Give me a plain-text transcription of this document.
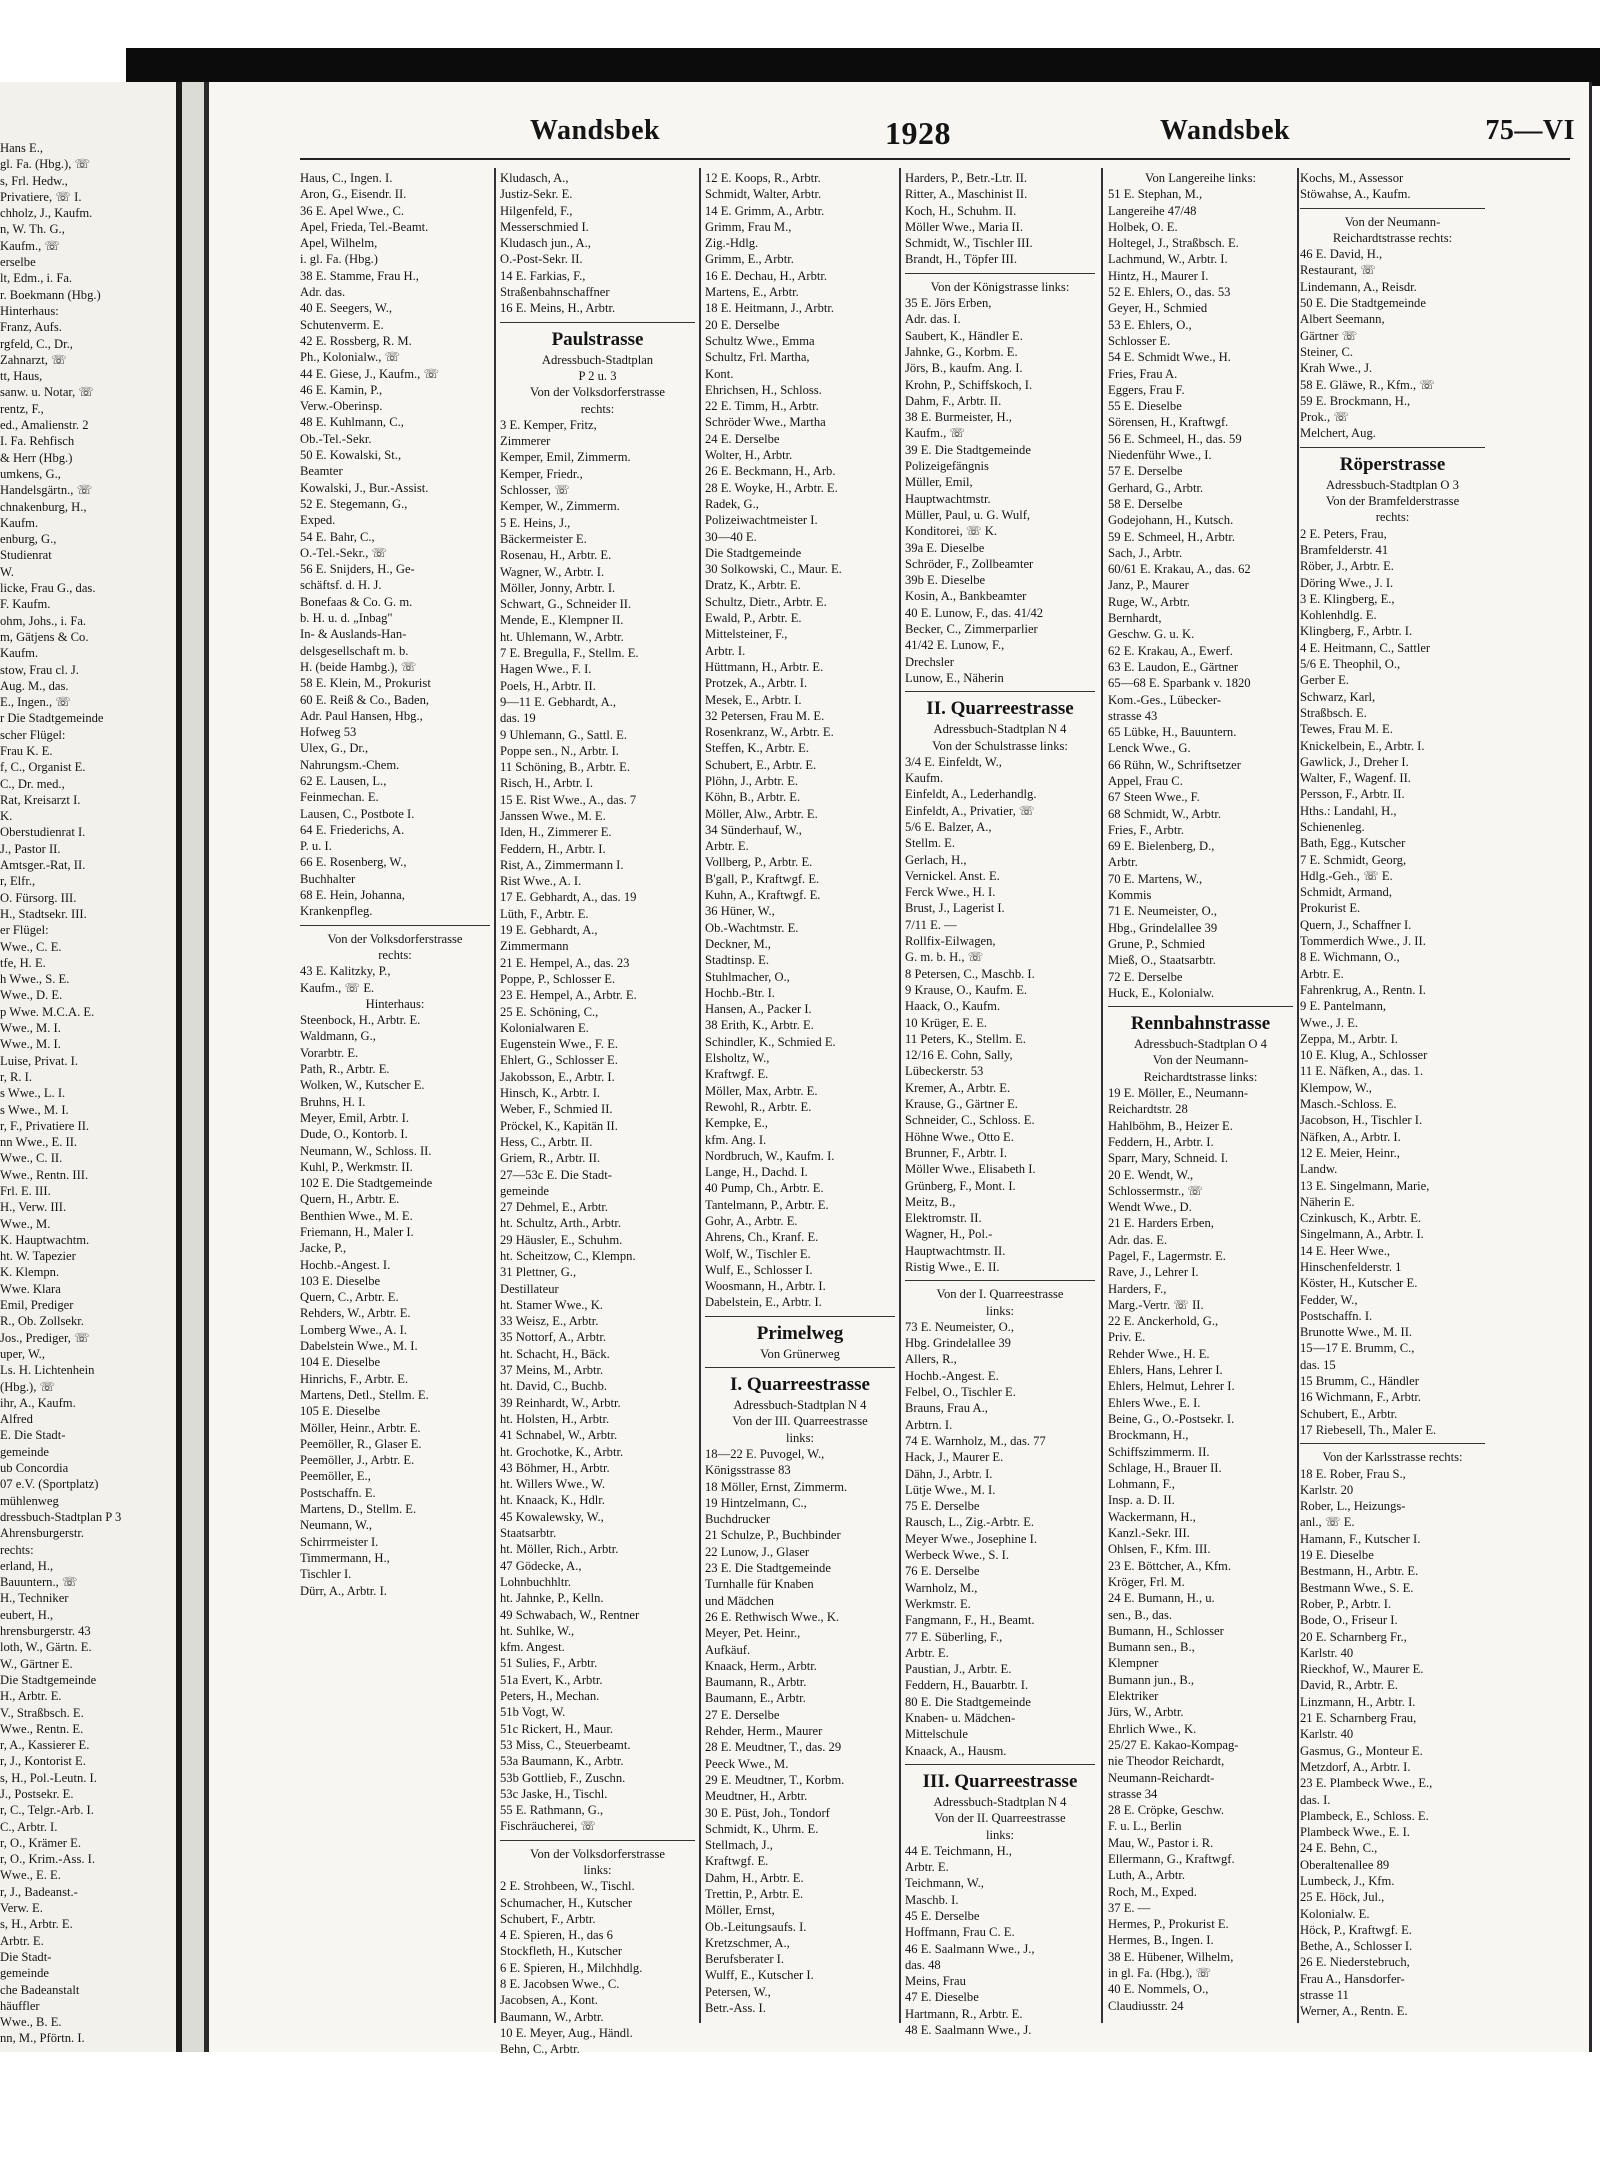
Wandsbek	1928	Wandsbek	75—VI
Hans E.,
gl. Fa. (Hbg.), ☏
s, Frl. Hedw.,
Privatiere, ☏ I.
chholz, J., Kaufm.
n, W. Th. G.,
Kaufm., ☏
erselbe
lt, Edm., i. Fa.
r. Boekmann (Hbg.)
Hinterhaus:
Franz, Aufs.
rgfeld, C., Dr.,
Zahnarzt, ☏
tt, Haus,
sanw. u. Notar, ☏
rentz, F.,
ed., Amalienstr. 2
I. Fa. Rehfisch
& Herr (Hbg.)
umkens, G.,
Handelsgärtn., ☏
chnakenburg, H.,
Kaufm.
enburg, G.,
Studienrat
W.
licke, Frau G., das.
F. Kaufm.
ohm, Johs., i. Fa.
m, Gätjens & Co.
Kaufm.
stow, Frau cl. J.
Aug. M., das.
E., Ingen., ☏
r Die Stadtgemeinde
scher Flügel:
Frau K. E.
f, C., Organist E.
C., Dr. med.,
Rat, Kreisarzt I.
K.
Oberstudienrat I.
J., Pastor II.
Amtsger.-Rat, II.
r, Elfr.,
O. Fürsorg. III.
H., Stadtsekr. III.
er Flügel:
Wwe., C. E.
tfe, H. E.
h Wwe., S. E.
Wwe., D. E.
p Wwe. M.C.A. E.
Wwe., M. I.
Wwe., M. I.
Luise, Privat. I.
r, R. I.
s Wwe., L. I.
s Wwe., M. I.
r, F., Privatiere II.
nn Wwe., E. II.
Wwe., C. II.
Wwe., Rentn. III.
Frl. E. III.
H., Verw. III.
Wwe., M.
K. Hauptwachtm.
ht. W. Tapezier
K. Klempn.
Wwe. Klara
Emil, Prediger
R., Ob. Zollsekr.
Jos., Prediger, ☏
uper, W.,
Ls. H. Lichtenhein
(Hbg.), ☏
ihr, A., Kaufm.
Alfred
E. Die Stadt-
gemeinde
ub Concordia
07 e.V. (Sportplatz)
mühlenweg
dressbuch-Stadtplan P 3
Ahrensburgerstr.
rechts:
erland, H.,
Bauuntern., ☏
H., Techniker
eubert, H.,
hrensburgerstr. 43
loth, W., Gärtn. E.
W., Gärtner E.
Die Stadtgemeinde
H., Arbtr. E.
V., Straßbsch. E.
Wwe., Rentn. E.
r, A., Kassierer E.
r, J., Kontorist E.
s, H., Pol.-Leutn. I.
J., Postsekr. E.
r, C., Telgr.-Arb. I.
C., Arbtr. I.
r, O., Krämer E.
r, O., Krim.-Ass. I.
Wwe., E. E.
r, J., Badeanst.-
Verw. E.
s, H., Arbtr. E.
Arbtr. E.
Die Stadt-
gemeinde
che Badeanstalt
häuffler
Wwe., B. E.
nn, M., Pförtn. I.
Haus, C., Ingen. I.
Aron, G., Eisendr. II.
36 E. Apel Wwe., C.
Apel, Frieda, Tel.-Beamt.
Apel, Wilhelm,
i. gl. Fa. (Hbg.)
38 E. Stamme, Frau H.,
Adr. das.
40 E. Seegers, W.,
Schutenverm. E.
42 E. Rossberg, R. M.
Ph., Kolonialw., ☏
44 E. Giese, J., Kaufm., ☏
46 E. Kamin, P.,
Verw.-Oberinsp.
48 E. Kuhlmann, C.,
Ob.-Tel.-Sekr.
50 E. Kowalski, St.,
Beamter
Kowalski, J., Bur.-Assist.
52 E. Stegemann, G.,
Exped.
54 E. Bahr, C.,
O.-Tel.-Sekr., ☏
56 E. Snijders, H., Ge-
schäftsf. d. H. J.
Bonefaas & Co. G. m.
b. H. u. d. „Inbag"
In- & Auslands-Han-
delsgesellschaft m. b.
H. (beide Hambg.), ☏
58 E. Klein, M., Prokurist
60 E. Reiß & Co., Baden,
Adr. Paul Hansen, Hbg.,
Hofweg 53
Ulex, G., Dr.,
Nahrungsm.-Chem.
62 E. Lausen, L.,
Feinmechan. E.
Lausen, C., Postbote I.
64 E. Friederichs, A.
P. u. I.
66 E. Rosenberg, W.,
Buchhalter
68 E. Hein, Johanna,
Krankenpfleg.
Von der Volksdorferstrasse
rechts:
43 E. Kalitzky, P.,
Kaufm., ☏ E.
Hinterhaus:
Steenbock, H., Arbtr. E.
Waldmann, G.,
Vorarbtr. E.
Path, R., Arbtr. E.
Wolken, W., Kutscher E.
Bruhns, H. I.
Meyer, Emil, Arbtr. I.
Dude, O., Kontorb. I.
Neumann, W., Schloss. II.
Kuhl, P., Werkmstr. II.
102 E. Die Stadtgemeinde
Quern, H., Arbtr. E.
Benthien Wwe., M. E.
Friemann, H., Maler I.
Jacke, P.,
Hochb.-Angest. I.
103 E. Dieselbe
Quern, C., Arbtr. E.
Rehders, W., Arbtr. E.
Lomberg Wwe., A. I.
Dabelstein Wwe., M. I.
104 E. Dieselbe
Hinrichs, F., Arbtr. E.
Martens, Detl., Stellm. E.
105 E. Dieselbe
Möller, Heinr., Arbtr. E.
Peemöller, R., Glaser E.
Peemöller, J., Arbtr. E.
Peemöller, E.,
Postschaffn. E.
Martens, D., Stellm. E.
Neumann, W.,
Schirrmeister I.
Timmermann, H.,
Tischler I.
Dürr, A., Arbtr. I.
Kludasch, A.,
Justiz-Sekr. E.
Hilgenfeld, F.,
Messerschmied I.
Kludasch jun., A.,
O.-Post-Sekr. II.
14 E. Farkias, F.,
Straßenbahnschaffner
16 E. Meins, H., Arbtr.
Paulstrasse
Adressbuch-Stadtplan
P 2 u. 3
Von der Volksdorferstrasse
rechts:
3 E. Kemper, Fritz,
Zimmerer
Kemper, Emil, Zimmerm.
Kemper, Friedr.,
Schlosser, ☏
Kemper, W., Zimmerm.
5 E. Heins, J.,
Bäckermeister E.
Rosenau, H., Arbtr. E.
Wagner, W., Arbtr. I.
Möller, Jonny, Arbtr. I.
Schwart, G., Schneider II.
Mende, E., Klempner II.
ht. Uhlemann, W., Arbtr.
7 E. Bregulla, F., Stellm. E.
Hagen Wwe., F. I.
Poels, H., Arbtr. II.
9—11 E. Gebhardt, A.,
das. 19
9 Uhlemann, G., Sattl. E.
Poppe sen., N., Arbtr. I.
11 Schöning, B., Arbtr. E.
Risch, H., Arbtr. I.
15 E. Rist Wwe., A., das. 7
Janssen Wwe., M. E.
Iden, H., Zimmerer E.
Feddern, H., Arbtr. I.
Rist, A., Zimmermann I.
Rist Wwe., A. I.
17 E. Gebhardt, A., das. 19
Lüth, F., Arbtr. E.
19 E. Gebhardt, A.,
Zimmermann
21 E. Hempel, A., das. 23
Poppe, P., Schlosser E.
23 E. Hempel, A., Arbtr. E.
25 E. Schöning, C.,
Kolonialwaren E.
Eugenstein Wwe., F. E.
Ehlert, G., Schlosser E.
Jakobsson, E., Arbtr. I.
Hinsch, K., Arbtr. I.
Weber, F., Schmied II.
Pröckel, K., Kapitän II.
Hess, C., Arbtr. II.
Griem, R., Arbtr. II.
27—53c E. Die Stadt-
gemeinde
27 Dehmel, E., Arbtr.
ht. Schultz, Arth., Arbtr.
29 Häusler, E., Schuhm.
ht. Scheitzow, C., Klempn.
31 Plettner, G.,
Destillateur
ht. Stamer Wwe., K.
33 Weisz, E., Arbtr.
35 Nottorf, A., Arbtr.
ht. Schacht, H., Bäck.
37 Meins, M., Arbtr.
ht. David, C., Buchb.
39 Reinhardt, W., Arbtr.
ht. Holsten, H., Arbtr.
41 Schnabel, W., Arbtr.
ht. Grochotke, K., Arbtr.
43 Böhmer, H., Arbtr.
ht. Willers Wwe., W.
ht. Knaack, K., Hdlr.
45 Kowalewsky, W.,
Staatsarbtr.
ht. Möller, Rich., Arbtr.
47 Gödecke, A.,
Lohnbuchhltr.
ht. Jahnke, P., Kelln.
49 Schwabach, W., Rentner
ht. Suhlke, W.,
kfm. Angest.
51 Sulies, F., Arbtr.
51a Evert, K., Arbtr.
Peters, H., Mechan.
51b Vogt, W.
51c Rickert, H., Maur.
53 Miss, C., Steuerbeamt.
53a Baumann, K., Arbtr.
53b Gottlieb, F., Zuschn.
53c Jaske, H., Tischl.
55 E. Rathmann, G.,
Fischräucherei, ☏
Von der Volksdorferstrasse
links:
2 E. Strohbeen, W., Tischl.
Schumacher, H., Kutscher
Schubert, F., Arbtr.
4 E. Spieren, H., das 6
Stockfleth, H., Kutscher
6 E. Spieren, H., Milchhdlg.
8 E. Jacobsen Wwe., C.
Jacobsen, A., Kont.
Baumann, W., Arbtr.
10 E. Meyer, Aug., Händl.
Behn, C., Arbtr.
12 E. Koops, R., Arbtr.
Schmidt, Walter, Arbtr.
14 E. Grimm, A., Arbtr.
Grimm, Frau M.,
Zig.-Hdlg.
Grimm, E., Arbtr.
16 E. Dechau, H., Arbtr.
Martens, E., Arbtr.
18 E. Heitmann, J., Arbtr.
20 E. Derselbe
Schultz Wwe., Emma
Schultz, Frl. Martha,
Kont.
Ehrichsen, H., Schloss.
22 E. Timm, H., Arbtr.
Schröder Wwe., Martha
24 E. Derselbe
Wolter, H., Arbtr.
26 E. Beckmann, H., Arb.
28 E. Woyke, H., Arbtr. E.
Radek, G.,
Polizeiwachtmeister I.
30—40 E.
Die Stadtgemeinde
30 Solkowski, C., Maur. E.
Dratz, K., Arbtr. E.
Schultz, Dietr., Arbtr. E.
Ewald, P., Arbtr. E.
Mittelsteiner, F.,
Arbtr. I.
Hüttmann, H., Arbtr. E.
Protzek, A., Arbtr. I.
Mesek, E., Arbtr. I.
32 Petersen, Frau M. E.
Rosenkranz, W., Arbtr. E.
Steffen, K., Arbtr. E.
Schubert, E., Arbtr. E.
Plöhn, J., Arbtr. E.
Köhn, B., Arbtr. E.
Möller, Alw., Arbtr. E.
34 Sünderhauf, W.,
Arbtr. E.
Vollberg, P., Arbtr. E.
B'gall, P., Kraftwgf. E.
Kuhn, A., Kraftwgf. E.
36 Hüner, W.,
Ob.-Wachtmstr. E.
Deckner, M.,
Stadtinsp. E.
Stuhlmacher, O.,
Hochb.-Btr. I.
Hansen, A., Packer I.
38 Erith, K., Arbtr. E.
Schindler, K., Schmied E.
Elsholtz, W.,
Kraftwgf. E.
Möller, Max, Arbtr. E.
Rewohl, R., Arbtr. E.
Kempke, E.,
kfm. Ang. I.
Nordbruch, W., Kaufm. I.
Lange, H., Dachd. I.
40 Pump, Ch., Arbtr. E.
Tantelmann, P., Arbtr. E.
Gohr, A., Arbtr. E.
Ahrens, Ch., Kranf. E.
Wolf, W., Tischler E.
Wulf, E., Schlosser I.
Woosmann, H., Arbtr. I.
Dabelstein, E., Arbtr. I.
Primelweg
Von Grünerweg
I. Quarreestrasse
Adressbuch-Stadtplan N 4
Von der III. Quarreestrasse
links:
18—22 E. Puvogel, W.,
Königsstrasse 83
18 Möller, Ernst, Zimmerm.
19 Hintzelmann, C.,
Buchdrucker
21 Schulze, P., Buchbinder
22 Lunow, J., Glaser
23 E. Die Stadtgemeinde
Turnhalle für Knaben
und Mädchen
26 E. Rethwisch Wwe., K.
Meyer, Pet. Heinr.,
Aufkäuf.
Knaack, Herm., Arbtr.
Baumann, R., Arbtr.
Baumann, E., Arbtr.
27 E. Derselbe
Rehder, Herm., Maurer
28 E. Meudtner, T., das. 29
Peeck Wwe., M.
29 E. Meudtner, T., Korbm.
Meudtner, H., Arbtr.
30 E. Püst, Joh., Tondorf
Schmidt, K., Uhrm. E.
Stellmach, J.,
Kraftwgf. E.
Dahm, H., Arbtr. E.
Trettin, P., Arbtr. E.
Möller, Ernst,
Ob.-Leitungsaufs. I.
Kretzschmer, A.,
Berufsberater I.
Wulff, E., Kutscher I.
Petersen, W.,
Betr.-Ass. I.
Harders, P., Betr.-Ltr. II.
Ritter, A., Maschinist II.
Koch, H., Schuhm. II.
Möller Wwe., Maria II.
Schmidt, W., Tischler III.
Brandt, H., Töpfer III.
Von der Königstrasse links:
35 E. Jörs Erben,
Adr. das. I.
Saubert, K., Händler E.
Jahnke, G., Korbm. E.
Jörs, B., kaufm. Ang. I.
Krohn, P., Schiffskoch, I.
Dahm, F., Arbtr. II.
38 E. Burmeister, H.,
Kaufm., ☏
39 E. Die Stadtgemeinde
Polizeigefängnis
Müller, Emil,
Hauptwachtmstr.
Müller, Paul, u. G. Wulf,
Konditorei, ☏ K.
39a E. Dieselbe
Schröder, F., Zollbeamter
39b E. Dieselbe
Kosin, A., Bankbeamter
40 E. Lunow, F., das. 41/42
Becker, C., Zimmerparlier
41/42 E. Lunow, F.,
Drechsler
Lunow, E., Näherin
II. Quarreestrasse
Adressbuch-Stadtplan N 4
Von der Schulstrasse links:
3/4 E. Einfeldt, W.,
Kaufm.
Einfeldt, A., Lederhandlg.
Einfeldt, A., Privatier, ☏
5/6 E. Balzer, A.,
Stellm. E.
Gerlach, H.,
Vernickel. Anst. E.
Ferck Wwe., H. I.
Brust, J., Lagerist I.
7/11 E. —
Rollfix-Eilwagen,
G. m. b. H., ☏
8 Petersen, C., Maschb. I.
9 Krause, O., Kaufm. E.
Haack, O., Kaufm.
10 Krüger, E. E.
11 Peters, K., Stellm. E.
12/16 E. Cohn, Sally,
Lübeckerstr. 53
Kremer, A., Arbtr. E.
Krause, G., Gärtner E.
Schneider, C., Schloss. E.
Höhne Wwe., Otto E.
Brunner, F., Arbtr. I.
Möller Wwe., Elisabeth I.
Grünberg, F., Mont. I.
Meitz, B.,
Elektromstr. II.
Wagner, H., Pol.-
Hauptwachtmstr. II.
Ristig Wwe., E. II.
Von der I. Quarreestrasse
links:
73 E. Neumeister, O.,
Hbg. Grindelallee 39
Allers, R.,
Hochb.-Angest. E.
Felbel, O., Tischler E.
Brauns, Frau A.,
Arbtrn. I.
74 E. Warnholz, M., das. 77
Hack, J., Maurer E.
Dähn, J., Arbtr. I.
Lütje Wwe., M. I.
75 E. Derselbe
Rausch, L., Zig.-Arbtr. E.
Meyer Wwe., Josephine I.
Werbeck Wwe., S. I.
76 E. Derselbe
Warnholz, M.,
Werkmstr. E.
Fangmann, F., H., Beamt.
77 E. Süberling, F.,
Arbtr. E.
Paustian, J., Arbtr. E.
Feddern, H., Bauarbtr. I.
80 E. Die Stadtgemeinde
Knaben- u. Mädchen-
Mittelschule
Knaack, A., Hausm.
III. Quarreestrasse
Adressbuch-Stadtplan N 4
Von der II. Quarreestrasse
links:
44 E. Teichmann, H.,
Arbtr. E.
Teichmann, W.,
Maschb. I.
45 E. Derselbe
Hoffmann, Frau C. E.
46 E. Saalmann Wwe., J.,
das. 48
Meins, Frau
47 E. Dieselbe
Hartmann, R., Arbtr. E.
48 E. Saalmann Wwe., J.
Von Langereihe links:
51 E. Stephan, M.,
Langereihe 47/48
Holbek, O. E.
Holtegel, J., Straßbsch. E.
Lachmund, W., Arbtr. I.
Hintz, H., Maurer I.
52 E. Ehlers, O., das. 53
Geyer, H., Schmied
53 E. Ehlers, O.,
Schlosser E.
54 E. Schmidt Wwe., H.
Fries, Frau A.
Eggers, Frau F.
55 E. Dieselbe
Sörensen, H., Kraftwgf.
56 E. Schmeel, H., das. 59
Niedenführ Wwe., I.
57 E. Derselbe
Gerhard, G., Arbtr.
58 E. Derselbe
Godejohann, H., Kutsch.
59 E. Schmeel, H., Arbtr.
Sach, J., Arbtr.
60/61 E. Krakau, A., das. 62
Janz, P., Maurer
Ruge, W., Arbtr.
Bernhardt,
Geschw. G. u. K.
62 E. Krakau, A., Ewerf.
63 E. Laudon, E., Gärtner
65—68 E. Sparbank v. 1820
Kom.-Ges., Lübecker-
strasse 43
65 Lübke, H., Bauuntern.
Lenck Wwe., G.
66 Rühn, W., Schriftsetzer
Appel, Frau C.
67 Steen Wwe., F.
68 Schmidt, W., Arbtr.
Fries, F., Arbtr.
69 E. Bielenberg, D.,
Arbtr.
70 E. Martens, W.,
Kommis
71 E. Neumeister, O.,
Hbg., Grindelallee 39
Grune, P., Schmied
Mieß, O., Staatsarbtr.
72 E. Derselbe
Huck, E., Kolonialw.
Rennbahnstrasse
Adressbuch-Stadtplan O 4
Von der Neumann-
Reichardtstrasse links:
19 E. Möller, E., Neumann-
Reichardtstr. 28
Hahlböhm, B., Heizer E.
Feddern, H., Arbtr. I.
Sparr, Mary, Schneid. I.
20 E. Wendt, W.,
Schlossermstr., ☏
Wendt Wwe., D.
21 E. Harders Erben,
Adr. das. E.
Pagel, F., Lagermstr. E.
Rave, J., Lehrer I.
Harders, F.,
Marg.-Vertr. ☏ II.
22 E. Anckerhold, G.,
Priv. E.
Rehder Wwe., H. E.
Ehlers, Hans, Lehrer I.
Ehlers, Helmut, Lehrer I.
Ehlers Wwe., E. I.
Beine, G., O.-Postsekr. I.
Brockmann, H.,
Schiffszimmerm. II.
Schlage, H., Brauer II.
Lohmann, F.,
Insp. a. D. II.
Wackermann, H.,
Kanzl.-Sekr. III.
Ohlsen, F., Kfm. III.
23 E. Böttcher, A., Kfm.
Kröger, Frl. M.
24 E. Bumann, H., u.
sen., B., das.
Bumann, H., Schlosser
Bumann sen., B.,
Klempner
Bumann jun., B.,
Elektriker
Jürs, W., Arbtr.
Ehrlich Wwe., K.
25/27 E. Kakao-Kompag-
nie Theodor Reichardt,
Neumann-Reichardt-
strasse 34
28 E. Cröpke, Geschw.
F. u. L., Berlin
Mau, W., Pastor i. R.
Ellermann, G., Kraftwgf.
Luth, A., Arbtr.
Roch, M., Exped.
37 E. —
Hermes, P., Prokurist E.
Hermes, B., Ingen. I.
38 E. Hübener, Wilhelm,
in gl. Fa. (Hbg.), ☏
40 E. Nommels, O.,
Claudiusstr. 24
Kochs, M., Assessor
Stöwahse, A., Kaufm.
Von der Neumann-
Reichardtstrasse rechts:
46 E. David, H.,
Restaurant, ☏
Lindemann, A., Reisdr.
50 E. Die Stadtgemeinde
Albert Seemann,
Gärtner ☏
Steiner, C.
Krah Wwe., J.
58 E. Gläwe, R., Kfm., ☏
59 E. Brockmann, H.,
Prok., ☏
Melchert, Aug.
Röperstrasse
Adressbuch-Stadtplan O 3
Von der Bramfelderstrasse
rechts:
2 E. Peters, Frau,
Bramfelderstr. 41
Röber, J., Arbtr. E.
Döring Wwe., J. I.
3 E. Klingberg, E.,
Kohlenhdlg. E.
Klingberg, F., Arbtr. I.
4 E. Heitmann, C., Sattler
5/6 E. Theophil, O.,
Gerber E.
Schwarz, Karl,
Straßbsch. E.
Tewes, Frau M. E.
Knickelbein, E., Arbtr. I.
Gawlick, J., Dreher I.
Walter, F., Wagenf. II.
Persson, F., Arbtr. II.
Hths.: Landahl, H.,
Schienenleg.
Bath, Egg., Kutscher
7 E. Schmidt, Georg,
Hdlg.-Geh., ☏ E.
Schmidt, Armand,
Prokurist E.
Quern, J., Schaffner I.
Tommerdich Wwe., J. II.
8 E. Wichmann, O.,
Arbtr. E.
Fahrenkrug, A., Rentn. I.
9 E. Pantelmann,
Wwe., J. E.
Zeppa, M., Arbtr. I.
10 E. Klug, A., Schlosser
11 E. Näfken, A., das. 1.
Klempow, W.,
Masch.-Schloss. E.
Jacobson, H., Tischler I.
Näfken, A., Arbtr. I.
12 E. Meier, Heinr.,
Landw.
13 E. Singelmann, Marie,
Näherin E.
Czinkusch, K., Arbtr. E.
Singelmann, A., Arbtr. I.
14 E. Heer Wwe.,
Hinschenfelderstr. 1
Köster, H., Kutscher E.
Fedder, W.,
Postschaffn. I.
Brunotte Wwe., M. II.
15—17 E. Brumm, C.,
das. 15
15 Brumm, C., Händler
16 Wichmann, F., Arbtr.
Schubert, E., Arbtr.
17 Riebesell, Th., Maler E.
Von der Karlsstrasse rechts:
18 E. Rober, Frau S.,
Karlstr. 20
Rober, L., Heizungs-
anl., ☏ E.
Hamann, F., Kutscher I.
19 E. Dieselbe
Bestmann, H., Arbtr. E.
Bestmann Wwe., S. E.
Rober, P., Arbtr. I.
Bode, O., Friseur I.
20 E. Scharnberg Fr.,
Karlstr. 40
Rieckhof, W., Maurer E.
David, R., Arbtr. E.
Linzmann, H., Arbtr. I.
21 E. Scharnberg Frau,
Karlstr. 40
Gasmus, G., Monteur E.
Metzdorf, A., Arbtr. I.
23 E. Plambeck Wwe., E.,
das. I.
Plambeck, E., Schloss. E.
Plambeck Wwe., E. I.
24 E. Behn, C.,
Oberaltenallee 89
Lumbeck, J., Kfm.
25 E. Höck, Jul.,
Kolonialw. E.
Höck, P., Kraftwgf. E.
Bethe, A., Schlosser I.
26 E. Niederstebruch,
Frau A., Hansdorfer-
strasse 11
Werner, A., Rentn. E.
